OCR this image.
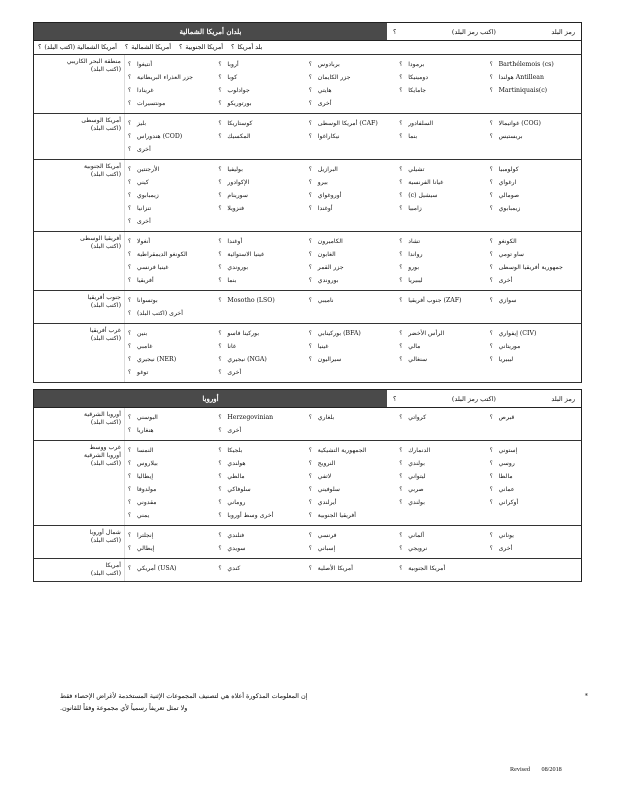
بلدان أمريكا الشمالية	؟	(اكتب رمز البلد)	رمز البلد
؟ أمريكا الشمالية (اكتب البلد) ؟ أمريكا الشمالية ؟ أمريكا الجنوبية ؟ بلد أمريكا
منطقة البحر الكاريبي
(اكتب البلد)
؟ أنتيغوا	؟ أروبا	؟ بربادوس	؟ برمودا	؟ Barthélemois (cs)
؟ جزر العذراء البريطانية	؟ كوبا	؟ جزر الكايمان	؟ دومينيكا	؟ Antillean هولندا
؟ غرينادا	؟ جوادلوب	؟ هايتي	؟ جامايكا	؟ Martiniquais(c)
؟ مونتسيرات	؟ بورتوريكو	؟ أخرى
أمريكا الوسطى
(اكتب البلد)
؟ بليز	؟ كوستاريكا	؟ (CAF) أمريكا الوسطى	؟ السلفادور	؟ (COG) غواتيمالا
؟ (COD) هندوراس	؟ المكسيك	؟ نيكاراغوا	؟ بنما	؟ بريستيس
؟ أخرى
أمريكا الجنوبية
(اكتب البلد)
؟ الأرجنتين	؟ بوليفيا	؟ البرازيل	؟ تشيلي	؟ كولومبيا
؟ كيني	؟ الإكوادور	؟ بيرو	؟ غيانا الفرنسية	؟ ارغواي
؟ زيمبابوي	؟ سورينام	؟ أوروغواي	؟ سيشيل (c)	؟ صومالي
؟ تنزانيا	؟ فنزويلا	؟ أوغندا	؟ زامبيا	؟ زيمبابوي
؟ أخرى
أفريقيا الوسطى
(اكتب البلد)
؟ أنغولا	؟ أوغندا	؟ الكاميرون	؟ تشاد	؟ الكونغو
؟ الكونغو الديمقراطية	؟ غينيا الاستوائية	؟ الغابون	؟ رواندا	؟ ساو تومي
؟ غينيا فرنسي	؟ بوروندي	؟ جزر القمر	؟ بورو	؟ جمهورية أفريقيا الوسطى
؟ أفريقيا	؟ بنما	؟ بوروندي	؟ ليبيريا	؟ أخرى
جنوب أفريقيا
(اكتب البلد)
؟ بوتسوانا	؟ Mosotho (LSO)	؟ ناميبي	؟ (ZAF) جنوب أفريقيا	؟ سوازي
؟ أخرى (اكتب البلد)
غرب أفريقيا
(اكتب البلد)
؟ بنين	؟ بوركينا فاسو	؟ (BFA) بوركينابي	؟ الرأس الأخضر	؟ (CIV) إيفواري
؟ غامبي	؟ غانا	؟ غينيا	؟ مالي	؟ موريتاني
؟ (NER) نيجيري	؟ (NGA) نيجيري	؟ سيراليون	؟ سنغالي	؟ ليبيريا
؟ توغو	؟ أخرى
أوروبا	؟	(اكتب رمز البلد)	رمز البلد
أوروبا الشرقية
(اكتب البلد)
؟ البوسني	؟ Herzegovinian	؟ بلغاري	؟ كرواتي	؟ قبرص
؟ هنغاريا	؟ أخرى
غرب ووسط
أوروبا الشرقية
(اكتب البلد)
؟ النمسا	؟ بلجيكا	؟ الجمهورية التشيكية	؟ الدنمارك	؟ إستوني
؟ بيلاروس	؟ هولندي	؟ النرويج	؟ بولندي	؟ روسي
؟ إيطاليا	؟ مالطي	؟ لاتفي	؟ ليتواني	؟ مالطا
؟ مولدوفا	؟ سلوفاكي	؟ سلوفيني	؟ صربي	؟ عماني
؟ مقدوني	؟ روماني	؟ أيرلندي	؟ بولندي	؟ أوكراني
؟ يمني	؟ أخرى وسط أوروبا	؟ أفريقيا الجنوبية
شمال أوروبا
(اكتب البلد)
؟ إنجلترا	؟ فنلندي	؟ فرنسي	؟ ألماني	؟ يوناني
؟ إيطالي	؟ سويدي	؟ إسباني	؟ نرويجي	؟ أخرى
أمريكا
(اكتب البلد)
؟ (USA) أمريكي	؟ كندي	؟ أمريكا الأصلية	؟ أمريكا الجنوبية
*
إن المعلومات المذكورة أعلاه هي لتصنيف المجموعات الإثنية المستخدمة لأغراض الإحصاء فقط
ولا تمثل تعريفاً رسمياً لأي مجموعة وفقاً للقانون.
Revised 08/2018
